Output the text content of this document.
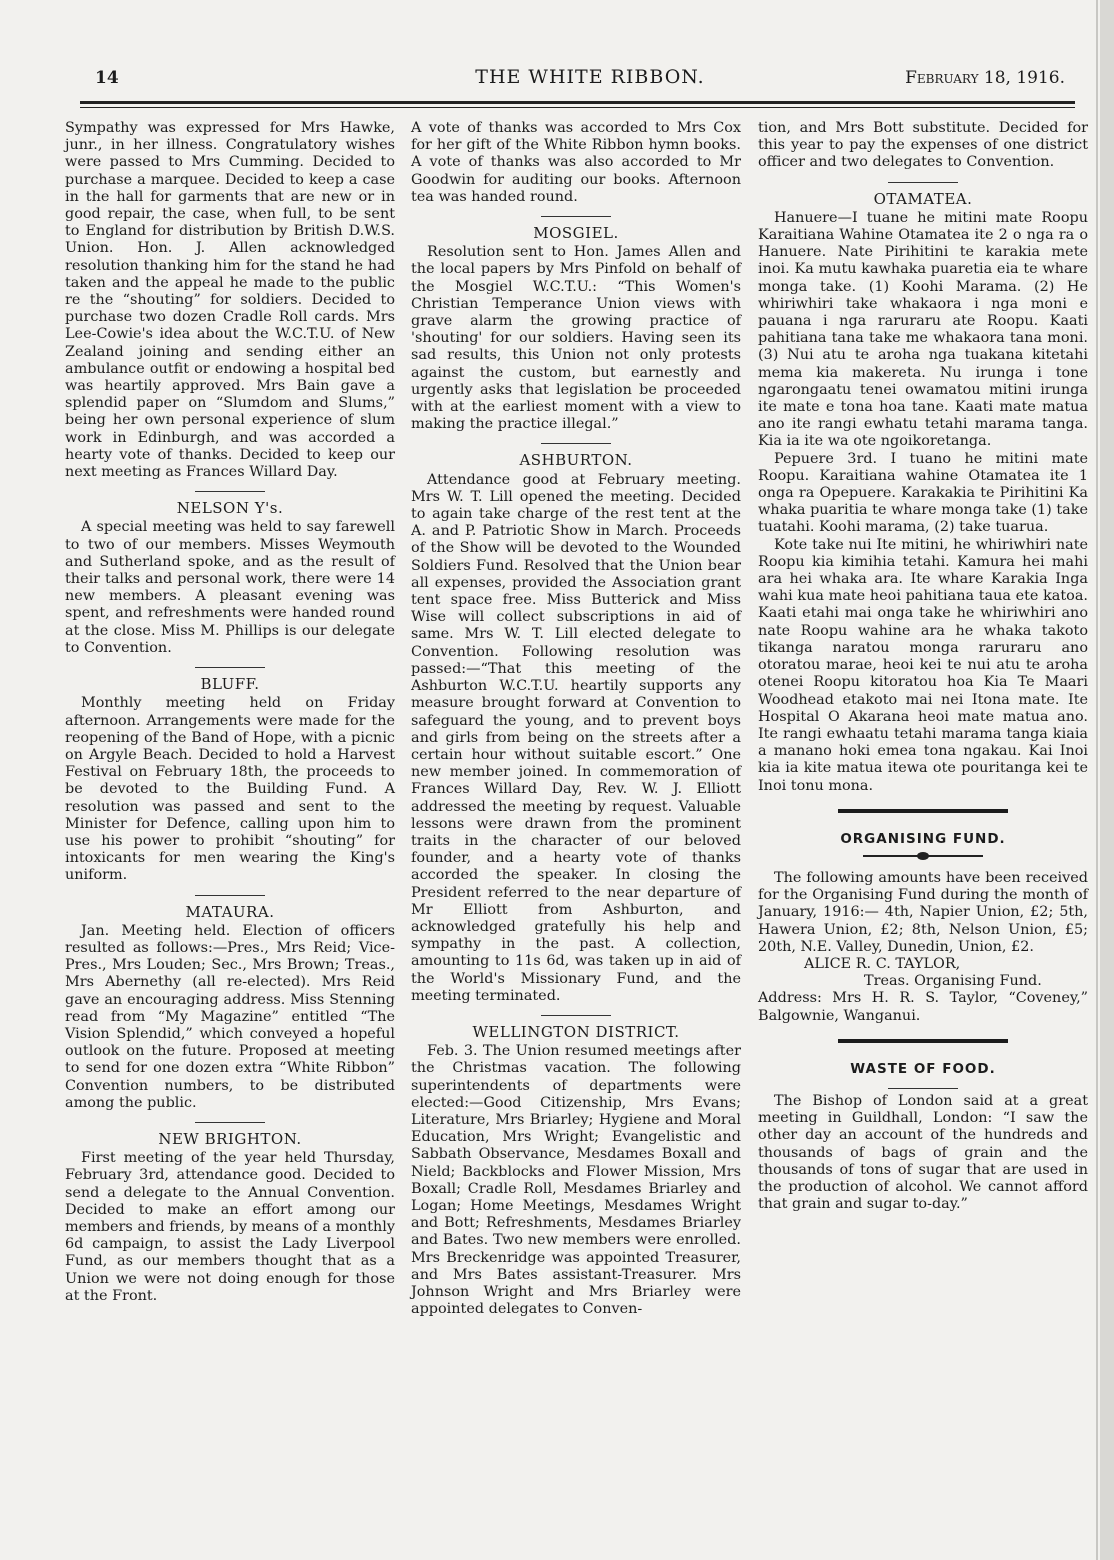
14	THE WHITE RIBBON.	February 18, 1916.

Sympathy was expressed for Mrs Hawke, junr., in her illness. Congratulatory wishes were passed to Mrs Cumming. Decided to purchase a marquee. Decided to keep a case in the hall for garments that are new or in good repair, the case, when full, to be sent to England for distribution by British D.W.S. Union. Hon. J. Allen acknowledged resolution thanking him for the stand he had taken and the appeal he made to the public re the “shouting” for soldiers. Decided to purchase two dozen Cradle Roll cards. Mrs Lee-Cowie's idea about the W.C.T.U. of New Zealand joining and sending either an ambulance outfit or endowing a hospital bed was heartily approved. Mrs Bain gave a splendid paper on “Slumdom and Slums,” being her own personal experience of slum work in Edinburgh, and was accorded a hearty vote of thanks. Decided to keep our next meeting as Frances Willard Day.

NELSON Y's.

A special meeting was held to say farewell to two of our members. Misses Weymouth and Sutherland spoke, and as the result of their talks and personal work, there were 14 new members. A pleasant evening was spent, and refreshments were handed round at the close. Miss M. Phillips is our delegate to Convention.

BLUFF.

Monthly meeting held on Friday afternoon. Arrangements were made for the reopening of the Band of Hope, with a picnic on Argyle Beach. Decided to hold a Harvest Festival on February 18th, the proceeds to be devoted to the Building Fund. A resolution was passed and sent to the Minister for Defence, calling upon him to use his power to prohibit “shouting” for intoxicants for men wearing the King's uniform.

MATAURA.

Jan. Meeting held. Election of officers resulted as follows:—Pres., Mrs Reid; Vice-Pres., Mrs Louden; Sec., Mrs Brown; Treas., Mrs Abernethy (all re-elected). Mrs Reid gave an encouraging address. Miss Stenning read from “My Magazine” entitled “The Vision Splendid,” which conveyed a hopeful outlook on the future. Proposed at meeting to send for one dozen extra “White Ribbon” Convention numbers, to be distributed among the public.

NEW BRIGHTON.

First meeting of the year held Thursday, February 3rd, attendance good. Decided to send a delegate to the Annual Convention. Decided to make an effort among our members and friends, by means of a monthly 6d campaign, to assist the Lady Liverpool Fund, as our members thought that as a Union we were not doing enough for those at the Front.

A vote of thanks was accorded to Mrs Cox for her gift of the White Ribbon hymn books. A vote of thanks was also accorded to Mr Goodwin for auditing our books. Afternoon tea was handed round.

MOSGIEL.

Resolution sent to Hon. James Allen and the local papers by Mrs Pinfold on behalf of the Mosgiel W.C.T.U.: “This Women's Christian Temperance Union views with grave alarm the growing practice of 'shouting' for our soldiers. Having seen its sad results, this Union not only protests against the custom, but earnestly and urgently asks that legislation be proceeded with at the earliest moment with a view to making the practice illegal.”

ASHBURTON.

Attendance good at February meeting. Mrs W. T. Lill opened the meeting. Decided to again take charge of the rest tent at the A. and P. Patriotic Show in March. Proceeds of the Show will be devoted to the Wounded Soldiers Fund. Resolved that the Union bear all expenses, provided the Association grant tent space free. Miss Butterick and Miss Wise will collect subscriptions in aid of same. Mrs W. T. Lill elected delegate to Convention. Following resolution was passed:—“That this meeting of the Ashburton W.C.T.U. heartily supports any measure brought forward at Convention to safeguard the young, and to prevent boys and girls from being on the streets after a certain hour without suitable escort.” One new member joined. In commemoration of Frances Willard Day, Rev. W. J. Elliott addressed the meeting by request. Valuable lessons were drawn from the prominent traits in the character of our beloved founder, and a hearty vote of thanks accorded the speaker. In closing the President referred to the near departure of Mr Elliott from Ashburton, and acknowledged gratefully his help and sympathy in the past. A collection, amounting to 11s 6d, was taken up in aid of the World's Missionary Fund, and the meeting terminated.

WELLINGTON DISTRICT.

Feb. 3. The Union resumed meetings after the Christmas vacation. The following superintendents of departments were elected:—Good Citizenship, Mrs Evans; Literature, Mrs Briarley; Hygiene and Moral Education, Mrs Wright; Evangelistic and Sabbath Observance, Mesdames Boxall and Nield; Backblocks and Flower Mission, Mrs Boxall; Cradle Roll, Mesdames Briarley and Logan; Home Meetings, Mesdames Wright and Bott; Refreshments, Mesdames Briarley and Bates. Two new members were enrolled. Mrs Breckenridge was appointed Treasurer, and Mrs Bates assistant-Treasurer. Mrs Johnson Wright and Mrs Briarley were appointed delegates to Conven-

tion, and Mrs Bott substitute. Decided for this year to pay the expenses of one district officer and two delegates to Convention.

OTAMATEA.

Hanuere—I tuane he mitini mate Roopu Karaitiana Wahine Otamatea ite 2 o nga ra o Hanuere. Nate Pirihitini te karakia mete inoi. Ka mutu kawhaka puaretia eia te whare monga take. (1) Koohi Marama. (2) He whiriwhiri take whakaora i nga moni e pauana i nga raruraru ate Roopu. Kaati pahitiana tana take me whakaora tana moni. (3) Nui atu te aroha nga tuakana kitetahi mema kia makereta. Nu irunga i tone ngarongaatu tenei owamatou mitini irunga ite mate e tona hoa tane. Kaati mate matua ano ite rangi ewhatu tetahi marama tanga. Kia ia ite wa ote ngoikoretanga.

Pepuere 3rd. I tuano he mitini mate Roopu. Karaitiana wahine Otamatea ite 1 onga ra Opepuere. Karakakia te Pirihitini Ka whaka puaritia te whare monga take (1) take tuatahi. Koohi marama, (2) take tuarua.

Kote take nui Ite mitini, he whiriwhiri nate Roopu kia kimihia tetahi. Kamura hei mahi ara hei whaka ara. Ite whare Karakia Inga wahi kua mate heoi pahitiana taua ete katoa. Kaati etahi mai onga take he whiriwhiri ano nate Roopu wahine ara he whaka takoto tikanga naratou monga raruraru ano otoratou marae, heoi kei te nui atu te aroha otenei Roopu kitoratou hoa Kia Te Maari Woodhead etakoto mai nei Itona mate. Ite Hospital O Akarana heoi mate matua ano. Ite rangi ewhaatu tetahi marama tanga kiaia a manano hoki emea tona ngakau. Kai Inoi kia ia kite matua itewa ote pouritanga kei te Inoi tonu mona.

ORGANISING FUND.

The following amounts have been received for the Organising Fund during the month of January, 1916:— 4th, Napier Union, £2; 5th, Hawera Union, £2; 8th, Nelson Union, £5; 20th, N.E. Valley, Dunedin, Union, £2.

ALICE R. C. TAYLOR,

Treas. Organising Fund.

Address: Mrs H. R. S. Taylor, “Coveney,” Balgownie, Wanganui.

WASTE OF FOOD.

The Bishop of London said at a great meeting in Guildhall, London: “I saw the other day an account of the hundreds and thousands of bags of grain and the thousands of tons of sugar that are used in the production of alcohol. We cannot afford that grain and sugar to-day.”
